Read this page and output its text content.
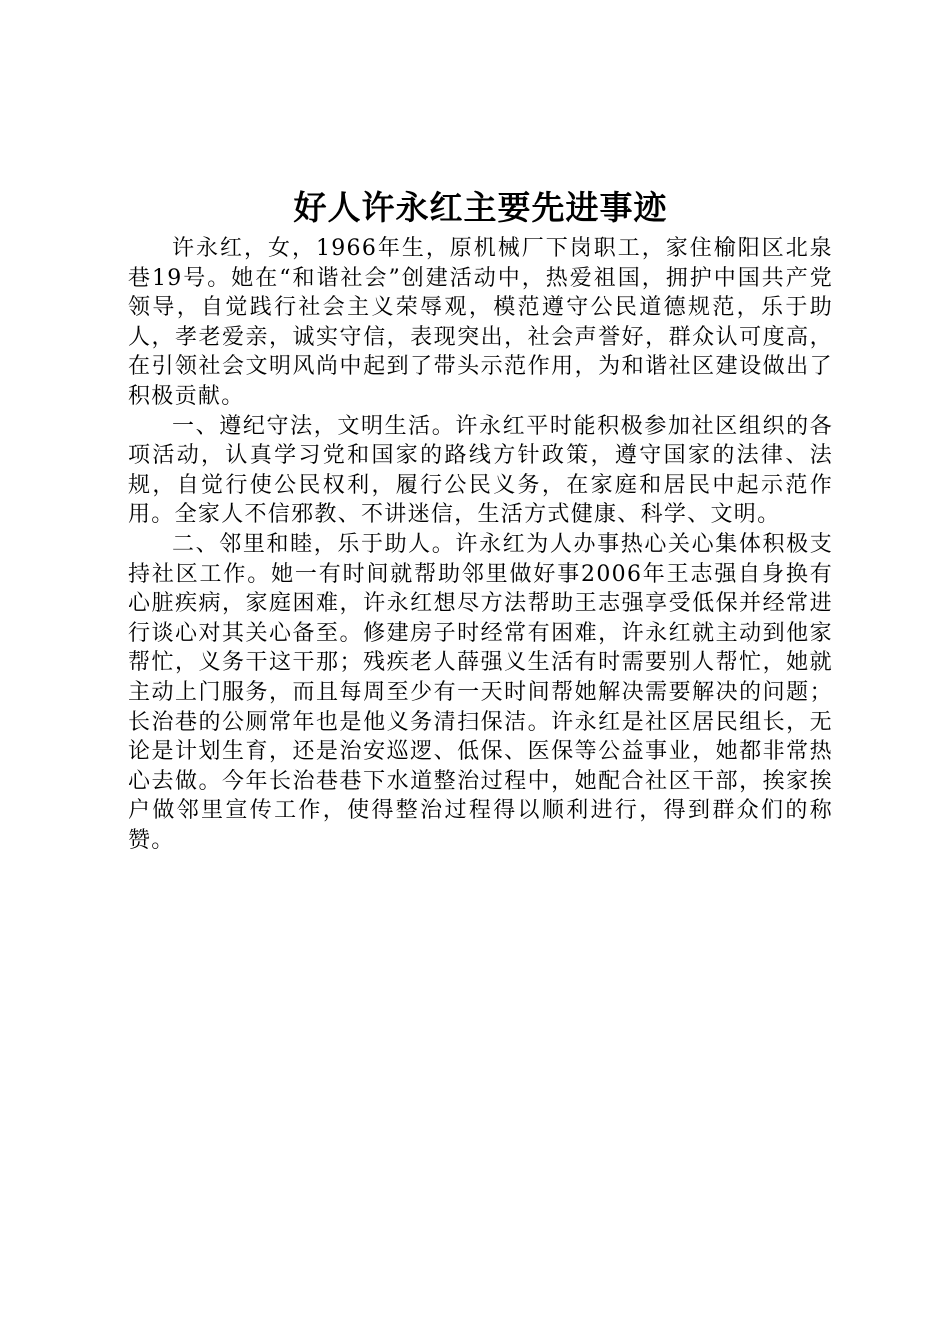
好人许永红主要先进事迹

许永红，女，1966年生，原机械厂下岗职工，家住榆阳区北泉巷19号。她在“和谐社会”创建活动中，热爱祖国，拥护中国共产党领导，自觉践行社会主义荣辱观，模范遵守公民道德规范，乐于助人，孝老爱亲，诚实守信，表现突出，社会声誉好，群众认可度高，在引领社会文明风尚中起到了带头示范作用，为和谐社区建设做出了积极贡献。

一、遵纪守法，文明生活。许永红平时能积极参加社区组织的各项活动，认真学习党和国家的路线方针政策，遵守国家的法律、法规，自觉行使公民权利，履行公民义务，在家庭和居民中起示范作用。全家人不信邪教、不讲迷信，生活方式健康、科学、文明。

二、邻里和睦，乐于助人。许永红为人办事热心关心集体积极支持社区工作。她一有时间就帮助邻里做好事2006年王志强自身换有心脏疾病，家庭困难，许永红想尽方法帮助王志强享受低保并经常进行谈心对其关心备至。修建房子时经常有困难，许永红就主动到他家帮忙，义务干这干那；残疾老人薛强义生活有时需要别人帮忙，她就主动上门服务，而且每周至少有一天时间帮她解决需要解决的问题；长治巷的公厕常年也是他义务清扫保洁。许永红是社区居民组长，无论是计划生育，还是治安巡逻、低保、医保等公益事业，她都非常热心去做。今年长治巷巷下水道整治过程中，她配合社区干部，挨家挨户做邻里宣传工作，使得整治过程得以顺利进行，得到群众们的称赞。
